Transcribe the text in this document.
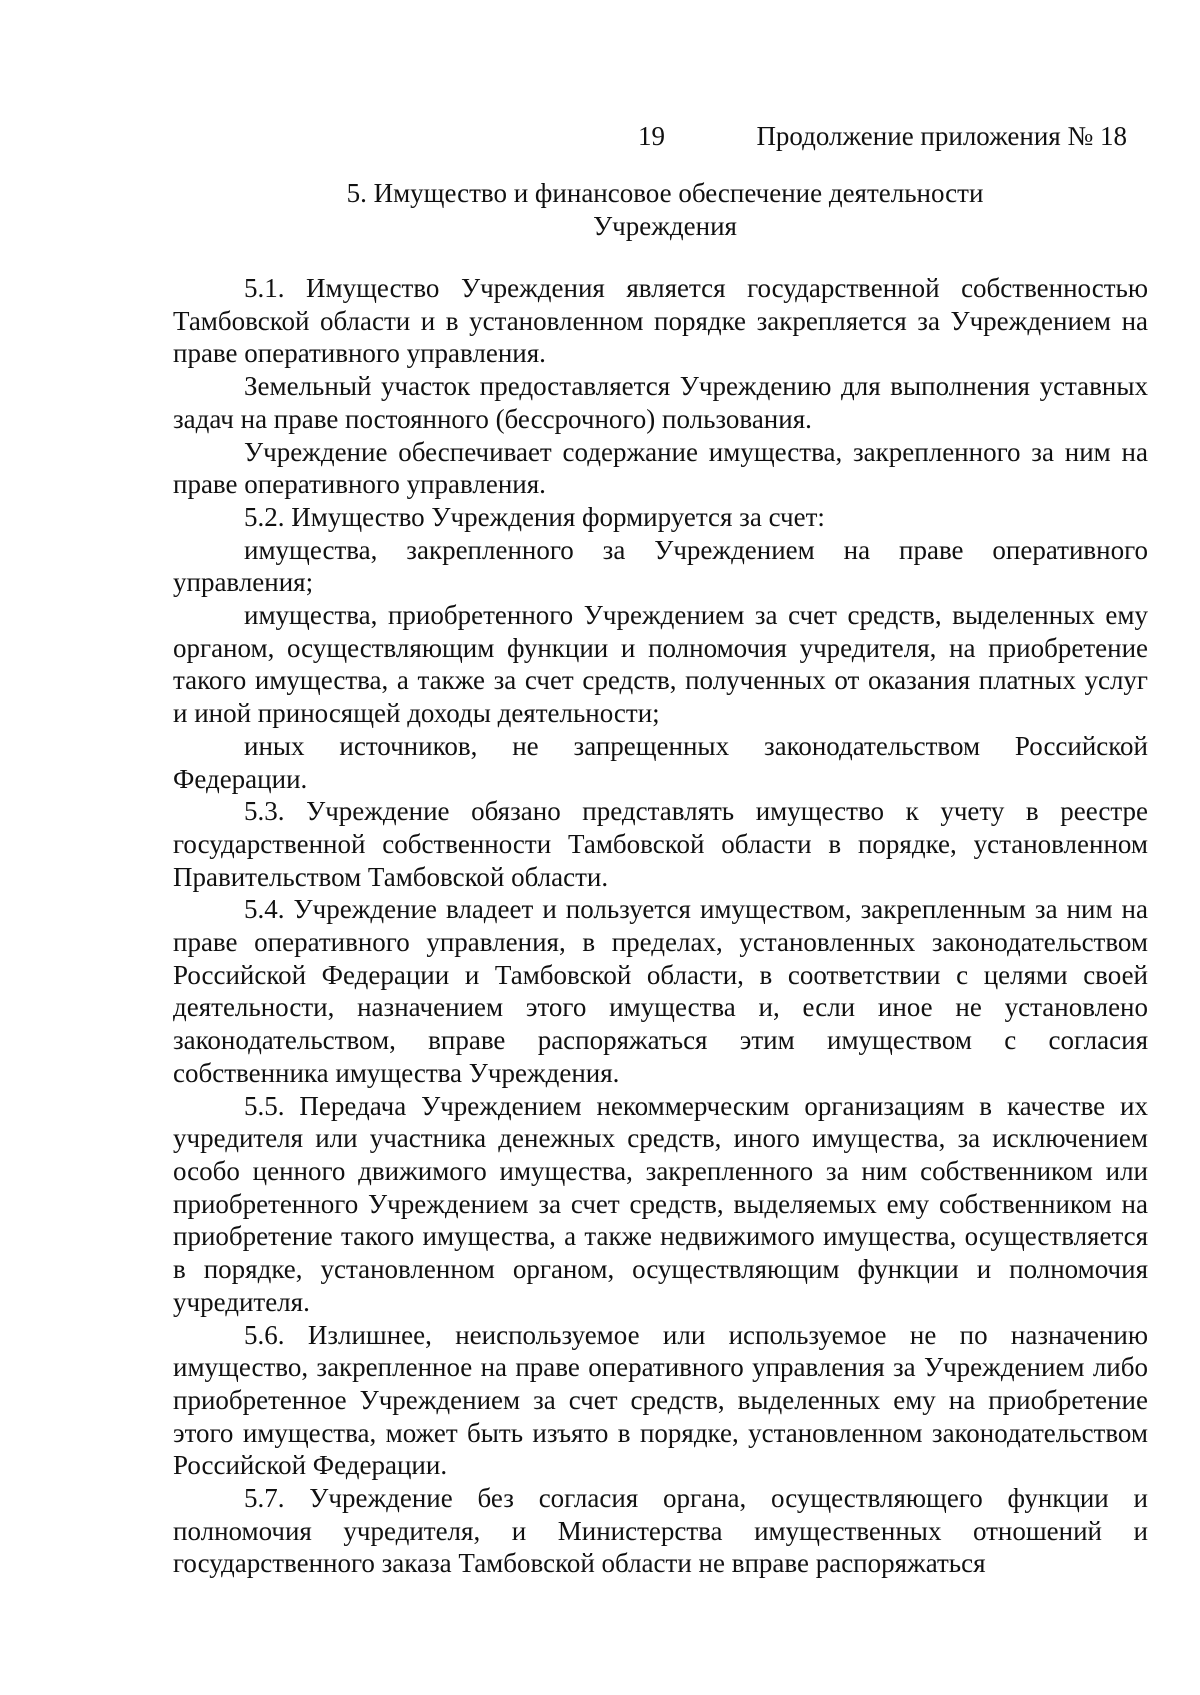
19	Продолжение приложения № 18
5. Имущество и финансовое обеспечение деятельности
Учреждения

5.1. Имущество Учреждения является государственной собственностью Тамбовской области и в установленном порядке закрепляется за Учреждением на праве оперативного управления.

Земельный участок предоставляется Учреждению для выполнения уставных задач на праве постоянного (бессрочного) пользования.

Учреждение обеспечивает содержание имущества, закрепленного за ним на праве оперативного управления.

5.2. Имущество Учреждения формируется за счет:

имущества, закрепленного за Учреждением на праве оперативного управления;

имущества, приобретенного Учреждением за счет средств, выделенных ему органом, осуществляющим функции и полномочия учредителя, на приобретение такого имущества, а также за счет средств, полученных от оказания платных услуг и иной приносящей доходы деятельности;

иных источников, не запрещенных законодательством Российской Федерации.

5.3. Учреждение обязано представлять имущество к учету в реестре государственной собственности Тамбовской области в порядке, установленном Правительством Тамбовской области.

5.4. Учреждение владеет и пользуется имуществом, закрепленным за ним на праве оперативного управления, в пределах, установленных законодательством Российской Федерации и Тамбовской области, в соответствии с целями своей деятельности, назначением этого имущества и, если иное не установлено законодательством, вправе распоряжаться этим имуществом с согласия собственника имущества Учреждения.

5.5. Передача Учреждением некоммерческим организациям в качестве их учредителя или участника денежных средств, иного имущества, за исключением особо ценного движимого имущества, закрепленного за ним собственником или приобретенного Учреждением за счет средств, выделяемых ему собственником на приобретение такого имущества, а также недвижимого имущества, осуществляется в порядке, установленном органом, осуществляющим функции и полномочия учредителя.

5.6. Излишнее, неиспользуемое или используемое не по назначению имущество, закрепленное на праве оперативного управления за Учреждением либо приобретенное Учреждением за счет средств, выделенных ему на приобретение этого имущества, может быть изъято в порядке, установленном законодательством Российской Федерации.

5.7. Учреждение без согласия органа, осуществляющего функции и полномочия учредителя, и Министерства имущественных отношений и государственного заказа Тамбовской области не вправе распоряжаться
